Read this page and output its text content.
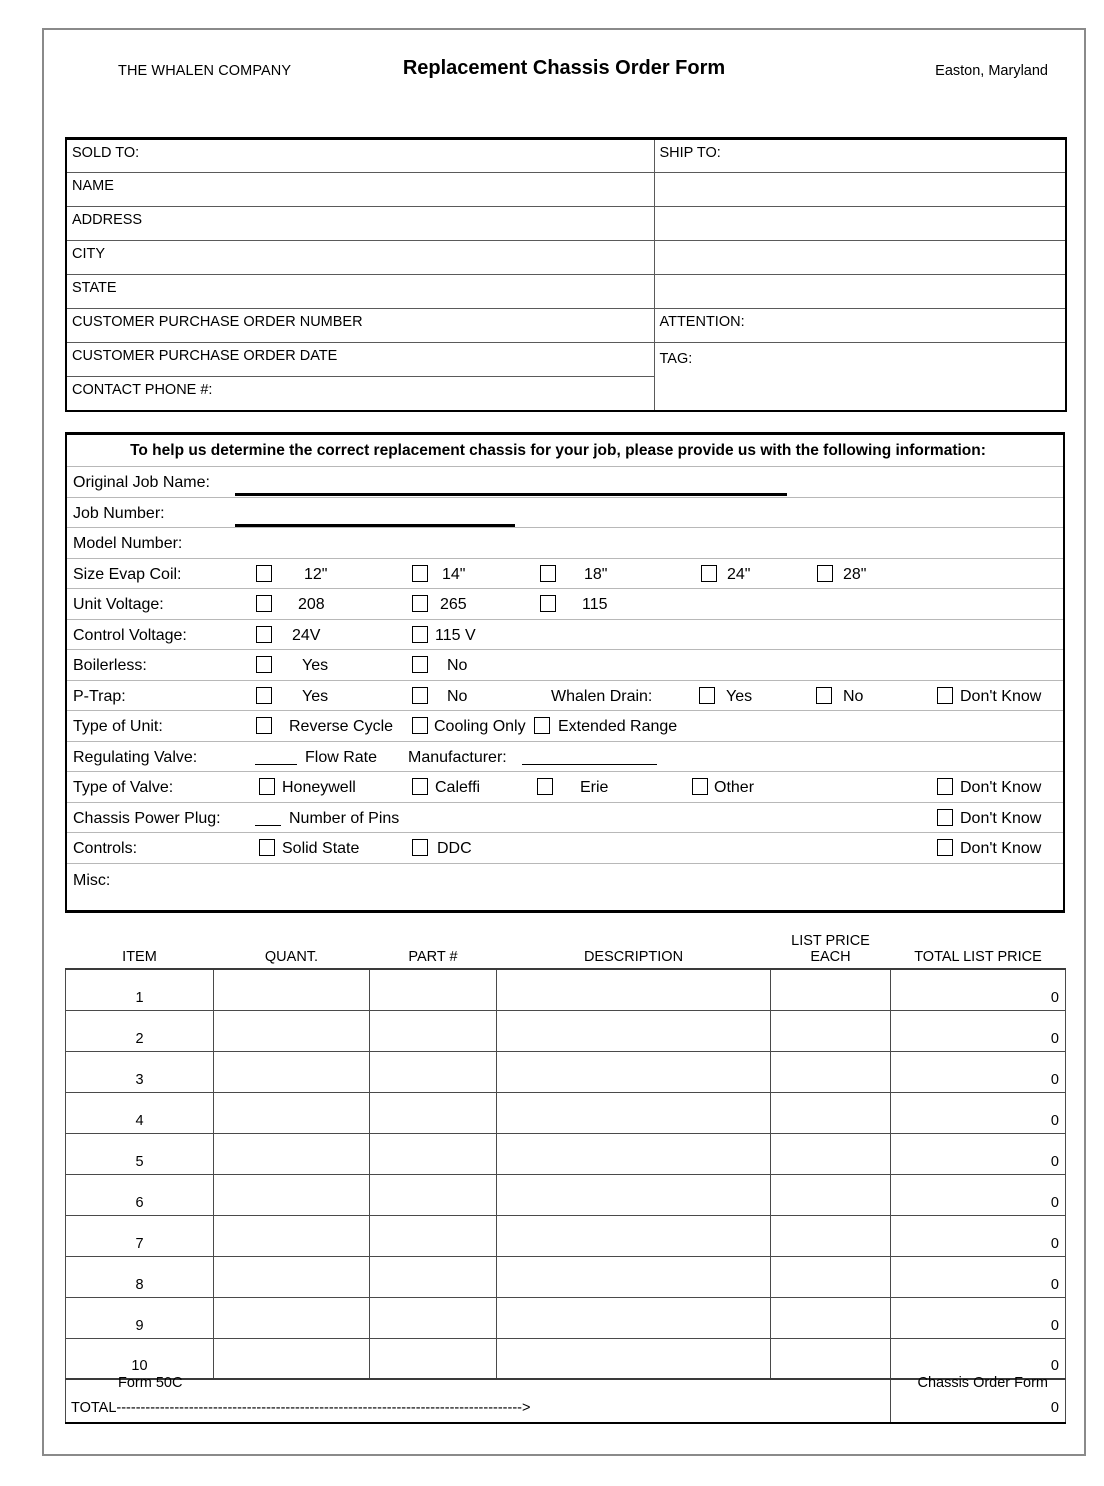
THE WHALEN COMPANY	Replacement Chassis Order Form	Easton, Maryland
SOLD TO:	SHIP TO:
NAME	
ADDRESS	
CITY	
STATE	
CUSTOMER PURCHASE ORDER NUMBER	ATTENTION:
CUSTOMER PURCHASE ORDER DATE	TAG:
CONTACT PHONE #:	
To help us determine the correct replacement chassis for your job, please provide us with the following information:
Original Job Name:
Job Number:
Model Number:
Size Evap Coil:	12"	14"	18"	24"	28"
Unit Voltage:	208	265	115
Control Voltage:	24V	115 V
Boilerless:	Yes	No
P-Trap:	Yes	No	Whalen Drain:	Yes	No	Don't Know
Type of Unit:	Reverse Cycle	Cooling Only Extended Range
Regulating Valve:	Flow Rate Manufacturer:
Type of Valve:	Honeywell	Caleffi	Erie	Other	Don't Know
Chassis Power Plug:	Number of Pins	Don't Know
Controls:	Solid State	DDC	Don't Know
Misc:
ITEM	QUANT.	PART #	DESCRIPTION	LIST PRICE EACH	TOTAL LIST PRICE
1					0
2					0
3					0
4					0
5					0
6					0
7					0
8					0
9					0
10					0
TOTAL------------------------------------------------------------------------------------>					0
Form 50C	Chassis Order Form
